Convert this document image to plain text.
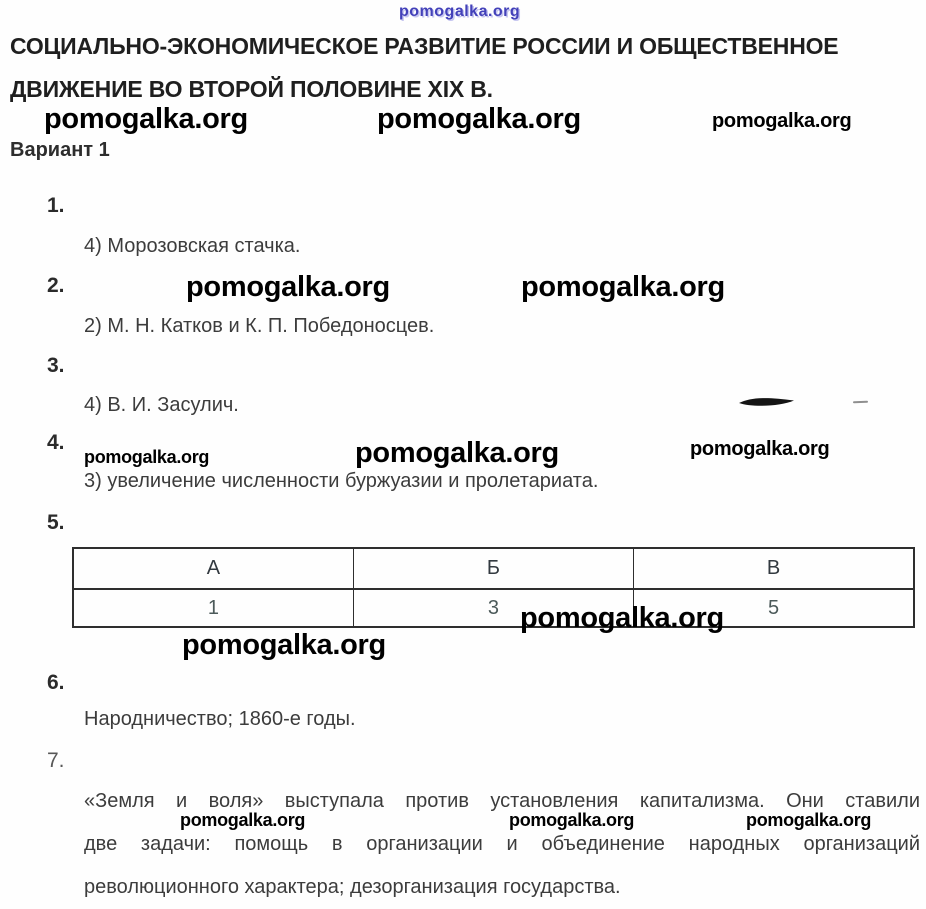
pomogalka.org
СОЦИАЛЬНО-ЭКОНОМИЧЕСКОЕ РАЗВИТИЕ РОССИИ И ОБЩЕСТВЕННОЕ
ДВИЖЕНИЕ ВО ВТОРОЙ ПОЛОВИНЕ XIX В.
pomogalka.org	pomogalka.org	pomogalka.org
Вариант 1
1.
4) Морозовская стачка.
2.	pomogalka.org	pomogalka.org
2) М. Н. Катков и К. П. Победоносцев.
3.
4) В. И. Засулич.
4.
pomogalka.org	pomogalka.org	pomogalka.org
3) увеличение численности буржуазии и пролетариата.
5.
А	Б	В
1	3	5
pomogalka.org
pomogalka.org
6.
Народничество; 1860-е годы.
7.
«Земля и воля» выступала против установления капитализма. Они ставили
две задачи: помощь в организации и объединение народных организаций
революционного характера; дезорганизация государства.
pomogalka.org	pomogalka.org	pomogalka.org
